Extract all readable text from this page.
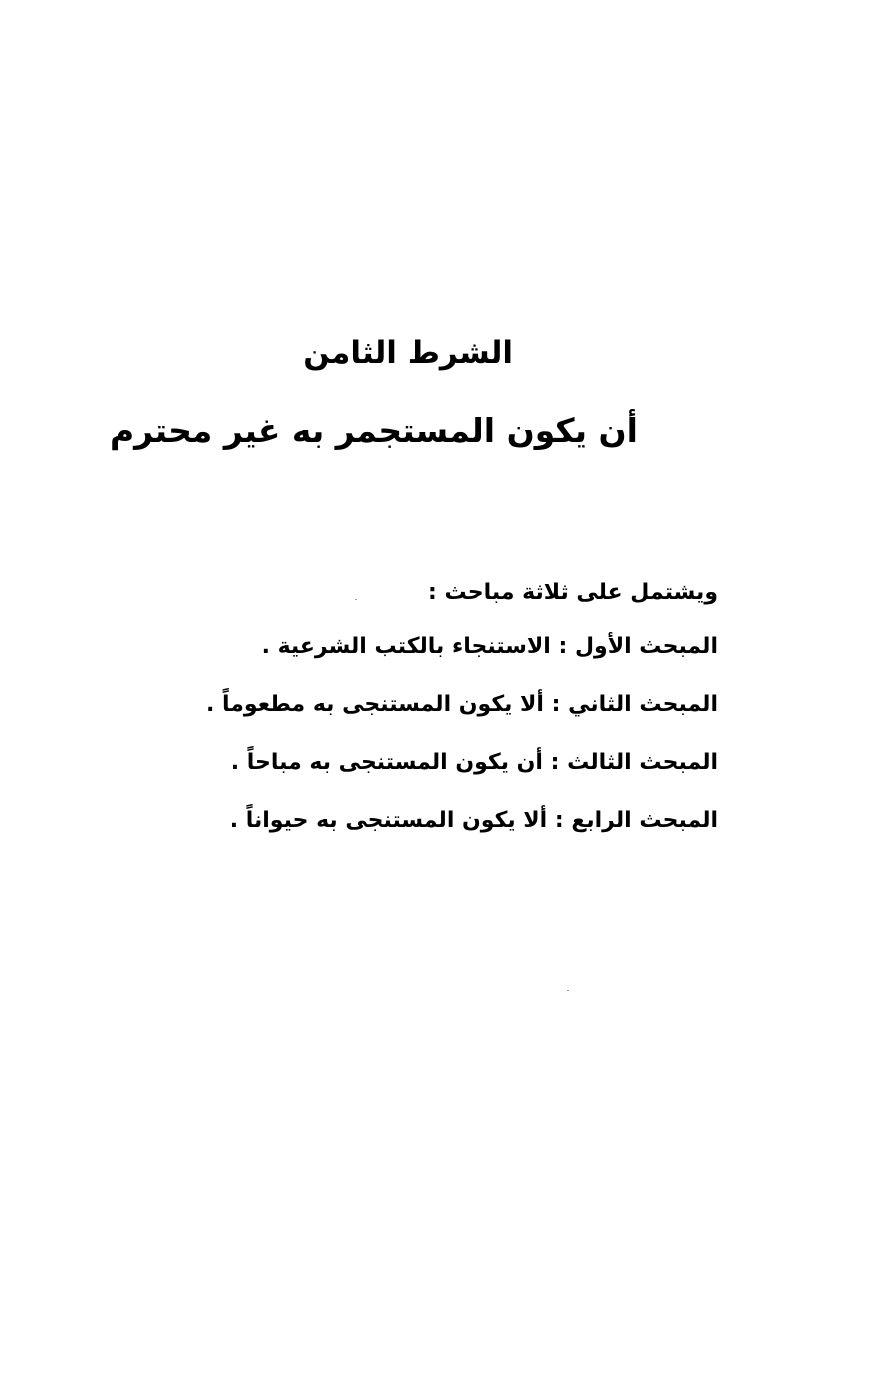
الشرط الثامن
أن يكون المستجمر به غير محترم
ويشتمل على ثلاثة مباحث :
المبحث الأول : الاستنجاء بالكتب الشرعية .
المبحث الثاني : ألا يكون المستنجى به مطعوماً .
المبحث الثالث : أن يكون المستنجى به مباحاً .
المبحث الرابع : ألا يكون المستنجى به حيواناً .
